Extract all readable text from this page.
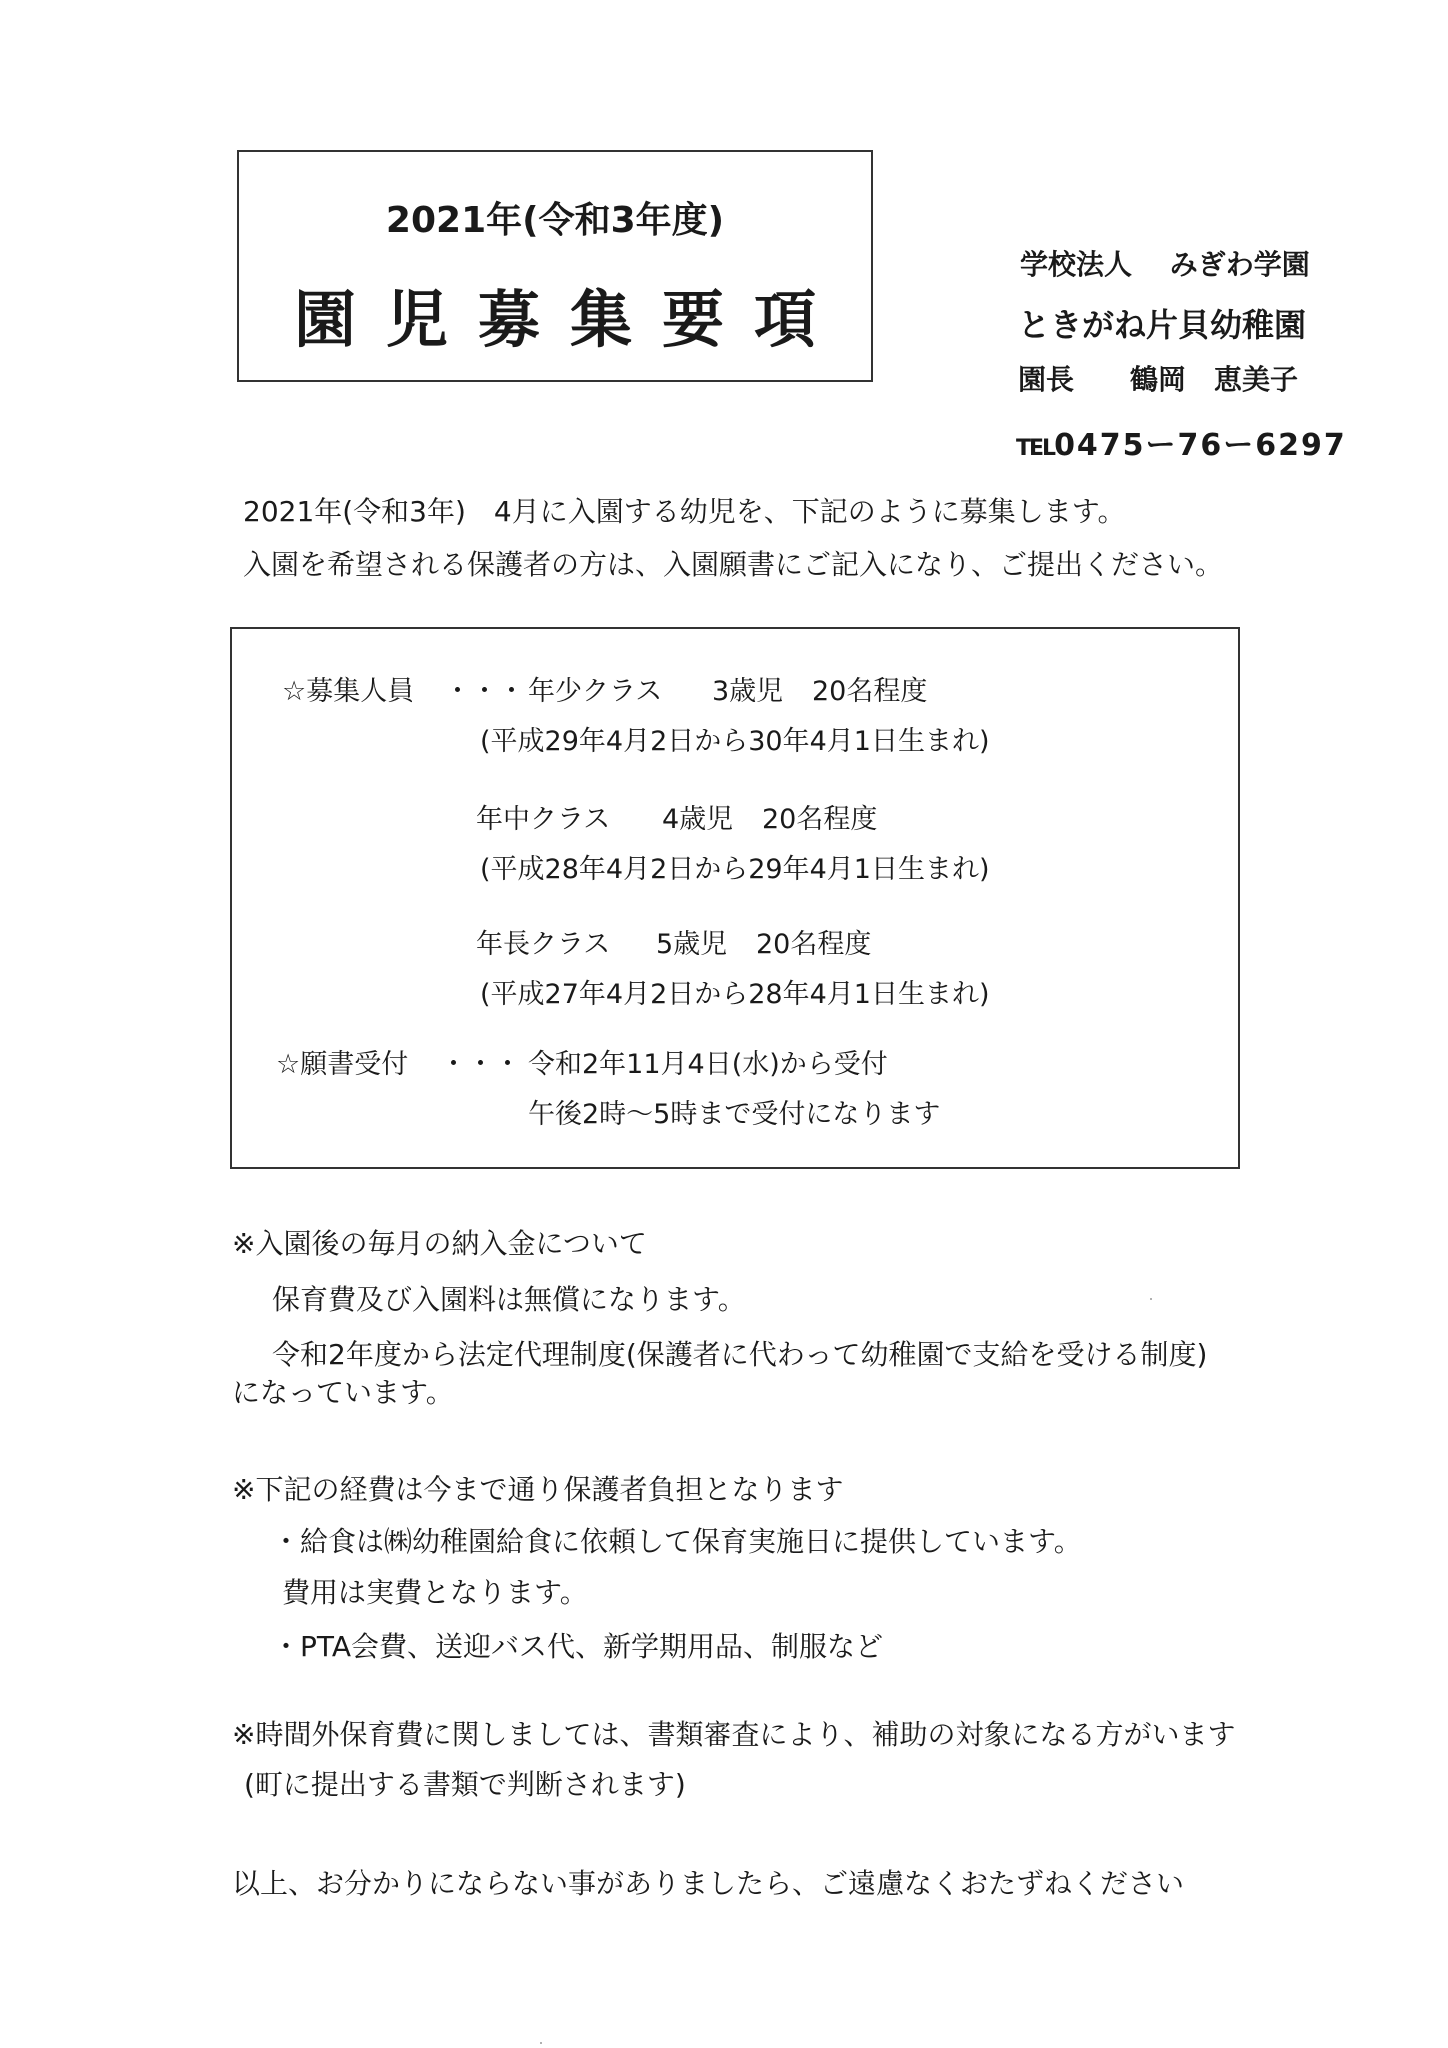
2021年(令和3年度)
園児募集要項
学校法人　 みぎわ学園
ときがね片貝幼稚園
園長 鶴岡　恵美子
TEL0475ー76ー6297
2021年(令和3年)　4月に入園する幼児を、下記のように募集します。
入園を希望される保護者の方は、入園願書にご記入になり、ご提出ください。
☆募集人員 ・・・ 年少クラス 3歳児 20名程度
(平成29年4月2日から30年4月1日生まれ)
年中クラス 4歳児 20名程度
(平成28年4月2日から29年4月1日生まれ)
年長クラス 5歳児 20名程度
(平成27年4月2日から28年4月1日生まれ)
☆願書受付 ・・・ 令和2年11月4日(水)から受付
午後2時～5時まで受付になります
※入園後の毎月の納入金について
保育費及び入園料は無償になります。
令和2年度から法定代理制度(保護者に代わって幼稚園で支給を受ける制度)
になっています。
※下記の経費は今まで通り保護者負担となります
・給食は㈱幼稚園給食に依頼して保育実施日に提供しています。
費用は実費となります。
・PTA会費、送迎バス代、新学期用品、制服など
※時間外保育費に関しましては、書類審査により、補助の対象になる方がいます
(町に提出する書類で判断されます)
以上、お分かりにならない事がありましたら、ご遠慮なくおたずねください
